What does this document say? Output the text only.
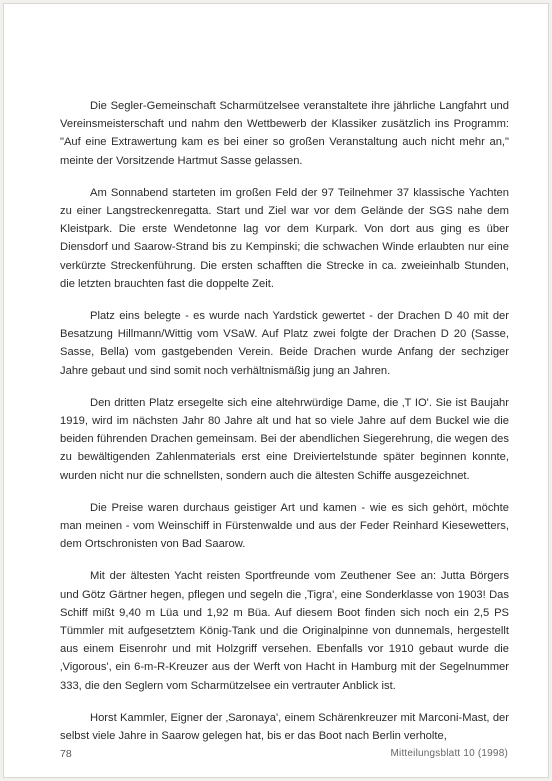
Die Segler-Gemeinschaft Scharmützelsee veranstaltete ihre jährliche Langfahrt und Vereinsmeisterschaft und nahm den Wettbewerb der Klassiker zusätzlich ins Programm: "Auf eine Extrawertung kam es bei einer so großen Veranstaltung auch nicht mehr an," meinte der Vorsitzende Hartmut Sasse gelassen.

Am Sonnabend starteten im großen Feld der 97 Teilnehmer 37 klassische Yachten zu einer Langstreckenregatta. Start und Ziel war vor dem Gelände der SGS nahe dem Kleistpark. Die erste Wendetonne lag vor dem Kurpark. Von dort aus ging es über Diensdorf und Saarow-Strand bis zu Kempinski; die schwachen Winde erlaubten nur eine verkürzte Streckenführung. Die ersten schafften die Strecke in ca. zweieinhalb Stunden, die letzten brauchten fast die doppelte Zeit.

Platz eins belegte - es wurde nach Yardstick gewertet - der Drachen D 40 mit der Besatzung Hillmann/Wittig vom VSaW. Auf Platz zwei folgte der Drachen D 20 (Sasse, Sasse, Bella) vom gastgebenden Verein. Beide Drachen wurde Anfang der sechziger Jahre gebaut und sind somit noch verhältnismäßig jung an Jahren.

Den dritten Platz ersegelte sich eine altehrwürdige Dame, die ‚T IO'. Sie ist Baujahr 1919, wird im nächsten Jahr 80 Jahre alt und hat so viele Jahre auf dem Buckel wie die beiden führenden Drachen gemeinsam. Bei der abendlichen Siegerehrung, die wegen des zu bewältigenden Zahlenmaterials erst eine Dreiviertelstunde später beginnen konnte, wurden nicht nur die schnellsten, sondern auch die ältesten Schiffe ausgezeichnet.

Die Preise waren durchaus geistiger Art und kamen - wie es sich gehört, möchte man meinen - vom Weinschiff in Fürstenwalde und aus der Feder Reinhard Kiesewetters, dem Ortschronisten von Bad Saarow.

Mit der ältesten Yacht reisten Sportfreunde vom Zeuthener See an: Jutta Börgers und Götz Gärtner hegen, pflegen und segeln die ‚Tigra', eine Sonderklasse von 1903! Das Schiff mißt 9,40 m Lüa und 1,92 m Büa. Auf diesem Boot finden sich noch ein 2,5 PS Tümmler mit aufgesetztem König-Tank und die Originalpinne von dunnemals, hergestellt aus einem Eisenrohr und mit Holzgriff versehen. Ebenfalls vor 1910 gebaut wurde die ‚Vigorous', ein 6-m-R-Kreuzer aus der Werft von Hacht in Hamburg mit der Segelnummer 333, die den Seglern vom Scharmützelsee ein vertrauter Anblick ist.

Horst Kammler, Eigner der ‚Saronaya', einem Schärenkreuzer mit Marconi-Mast, der selbst viele Jahre in Saarow gelegen hat, bis er das Boot nach Berlin verholte,

78	Mitteilungsblatt 10 (1998)
